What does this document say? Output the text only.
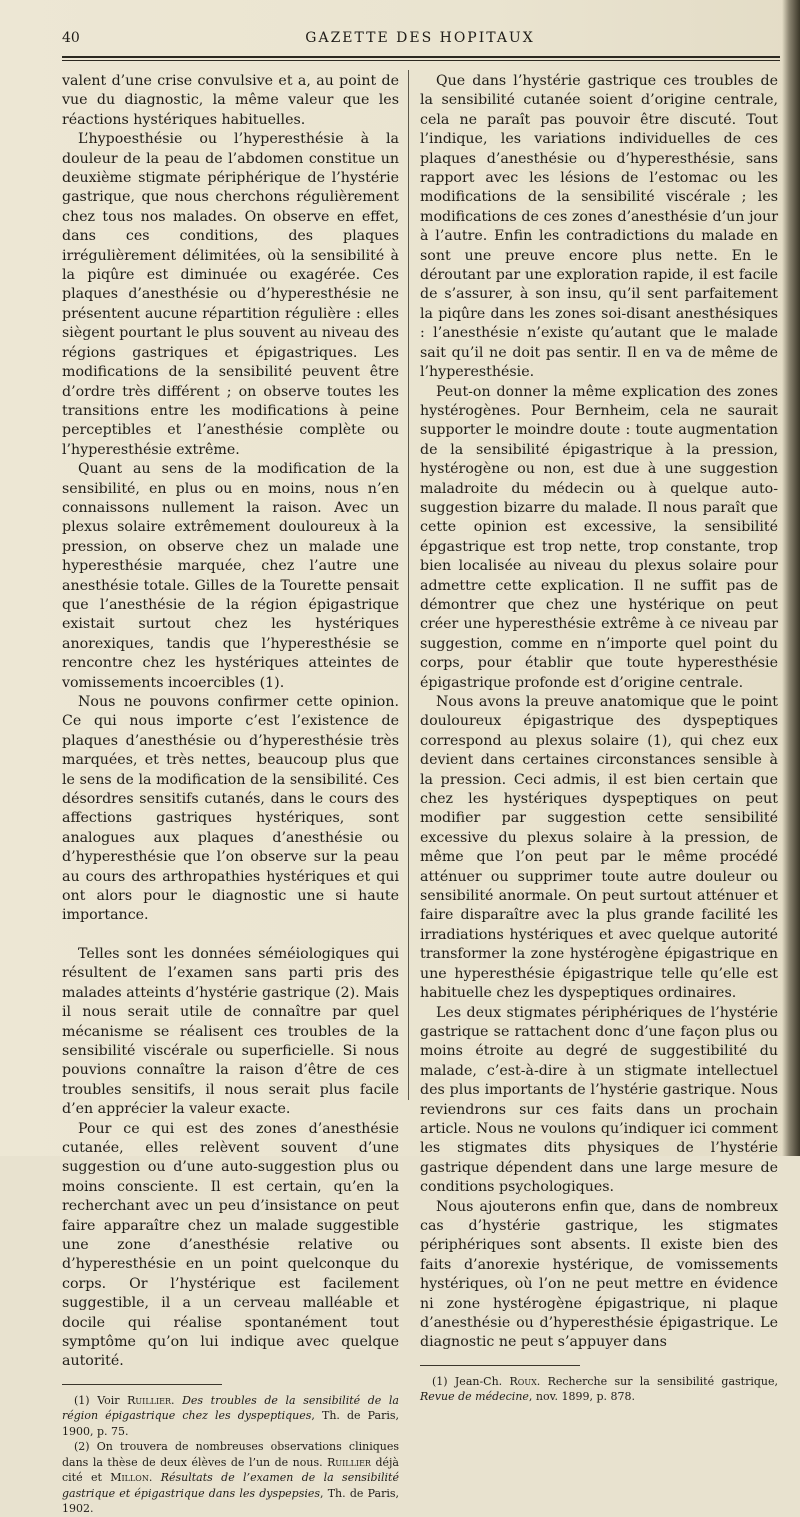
40	GAZETTE DES HOPITAUX

valent d’une crise convulsive et a, au point de vue du diagnostic, la même valeur que les réactions hystériques habituelles.

L’hypoesthésie ou l’hyperesthésie à la douleur de la peau de l’abdomen constitue un deuxième stigmate périphérique de l’hystérie gastrique, que nous cherchons régulièrement chez tous nos malades. On observe en effet, dans ces conditions, des plaques irrégulièrement délimitées, où la sensibilité à la piqûre est diminuée ou exagérée. Ces plaques d’anesthésie ou d’hyperesthésie ne présentent aucune répartition régulière : elles siègent pourtant le plus souvent au niveau des régions gastriques et épigastriques. Les modifications de la sensibilité peuvent être d’ordre très différent ; on observe toutes les transitions entre les modifications à peine perceptibles et l’anesthésie complète ou l’hyperesthésie extrême.

Quant au sens de la modification de la sensibilité, en plus ou en moins, nous n’en connaissons nullement la raison. Avec un plexus solaire extrêmement douloureux à la pression, on observe chez un malade une hyperesthésie marquée, chez l’autre une anesthésie totale. Gilles de la Tourette pensait que l’anesthésie de la région épigastrique existait surtout chez les hystériques anorexiques, tandis que l’hyperesthésie se rencontre chez les hystériques atteintes de vomissements incoercibles (1).

Nous ne pouvons confirmer cette opinion. Ce qui nous importe c’est l’existence de plaques d’anesthésie ou d’hyperesthésie très marquées, et très nettes, beaucoup plus que le sens de la modification de la sensibilité. Ces désordres sensitifs cutanés, dans le cours des affections gastriques hystériques, sont analogues aux plaques d’anesthésie ou d’hyperesthésie que l’on observe sur la peau au cours des arthropathies hystériques et qui ont alors pour le diagnostic une si haute importance.

Telles sont les données séméiologiques qui résultent de l’examen sans parti pris des malades atteints d’hystérie gastrique (2). Mais il nous serait utile de connaître par quel mécanisme se réalisent ces troubles de la sensibilité viscérale ou superficielle. Si nous pouvions connaître la raison d’être de ces troubles sensitifs, il nous serait plus facile d’en apprécier la valeur exacte.

Pour ce qui est des zones d’anesthésie cutanée, elles relèvent souvent d’une suggestion ou d’une auto-suggestion plus ou moins consciente. Il est certain, qu’en la recherchant avec un peu d’insistance on peut faire apparaître chez un malade suggestible une zone d’anesthésie relative ou d’hyperesthésie en un point quelconque du corps. Or l’hystérique est facilement suggestible, il a un cerveau malléable et docile qui réalise spontanément tout symptôme qu’on lui indique avec quelque autorité.

(1) Voir Ruillier. Des troubles de la sensibilité de la région épigastrique chez les dyspeptiques, Th. de Paris, 1900, p. 75.

(2) On trouvera de nombreuses observations cliniques dans la thèse de deux élèves de l’un de nous. Ruillier déjà cité et Millon. Résultats de l’examen de la sensibilité gastrique et épigastrique dans les dyspepsies, Th. de Paris, 1902.

Que dans l’hystérie gastrique ces troubles de la sensibilité cutanée soient d’origine centrale, cela ne paraît pas pouvoir être discuté. Tout l’indique, les variations individuelles de ces plaques d’anesthésie ou d’hyperesthésie, sans rapport avec les lésions de l’estomac ou les modifications de la sensibilité viscérale ; les modifications de ces zones d’anesthésie d’un jour à l’autre. Enfin les contradictions du malade en sont une preuve encore plus nette. En le déroutant par une exploration rapide, il est facile de s’assurer, à son insu, qu’il sent parfaitement la piqûre dans les zones soi-disant anesthésiques : l’anesthésie n’existe qu’autant que le malade sait qu’il ne doit pas sentir. Il en va de même de l’hyperesthésie.

Peut-on donner la même explication des zones hystérogènes. Pour Bernheim, cela ne saurait supporter le moindre doute : toute augmentation de la sensibilité épigastrique à la pression, hystérogène ou non, est due à une suggestion maladroite du médecin ou à quelque auto-suggestion bizarre du malade. Il nous paraît que cette opinion est excessive, la sensibilité épgastrique est trop nette, trop constante, trop bien localisée au niveau du plexus solaire pour admettre cette explication. Il ne suffit pas de démontrer que chez une hystérique on peut créer une hyperesthésie extrême à ce niveau par suggestion, comme en n’importe quel point du corps, pour établir que toute hyperesthésie épigastrique profonde est d’origine centrale.

Nous avons la preuve anatomique que le point douloureux épigastrique des dyspeptiques correspond au plexus solaire (1), qui chez eux devient dans certaines circonstances sensible à la pression. Ceci admis, il est bien certain que chez les hystériques dyspeptiques on peut modifier par suggestion cette sensibilité excessive du plexus solaire à la pression, de même que l’on peut par le même procédé atténuer ou supprimer toute autre douleur ou sensibilité anormale. On peut surtout atténuer et faire disparaître avec la plus grande facilité les irradiations hystériques et avec quelque autorité transformer la zone hystérogène épigastrique en une hyperesthésie épigastrique telle qu’elle est habituelle chez les dyspeptiques ordinaires.

Les deux stigmates périphériques de l’hystérie gastrique se rattachent donc d’une façon plus ou moins étroite au degré de suggestibilité du malade, c’est-à-dire à un stigmate intellectuel des plus importants de l’hystérie gastrique. Nous reviendrons sur ces faits dans un prochain article. Nous ne voulons qu’indiquer ici comment les stigmates dits physiques de l’hystérie gastrique dépendent dans une large mesure de conditions psychologiques.

Nous ajouterons enfin que, dans de nombreux cas d’hystérie gastrique, les stigmates périphériques sont absents. Il existe bien des faits d’anorexie hystérique, de vomissements hystériques, où l’on ne peut mettre en évidence ni zone hystérogène épigastrique, ni plaque d’anesthésie ou d’hyperesthésie épigastrique. Le diagnostic ne peut s’appuyer dans

(1) Jean-Ch. Roux. Recherche sur la sensibilité gastrique, Revue de médecine, nov. 1899, p. 878.
